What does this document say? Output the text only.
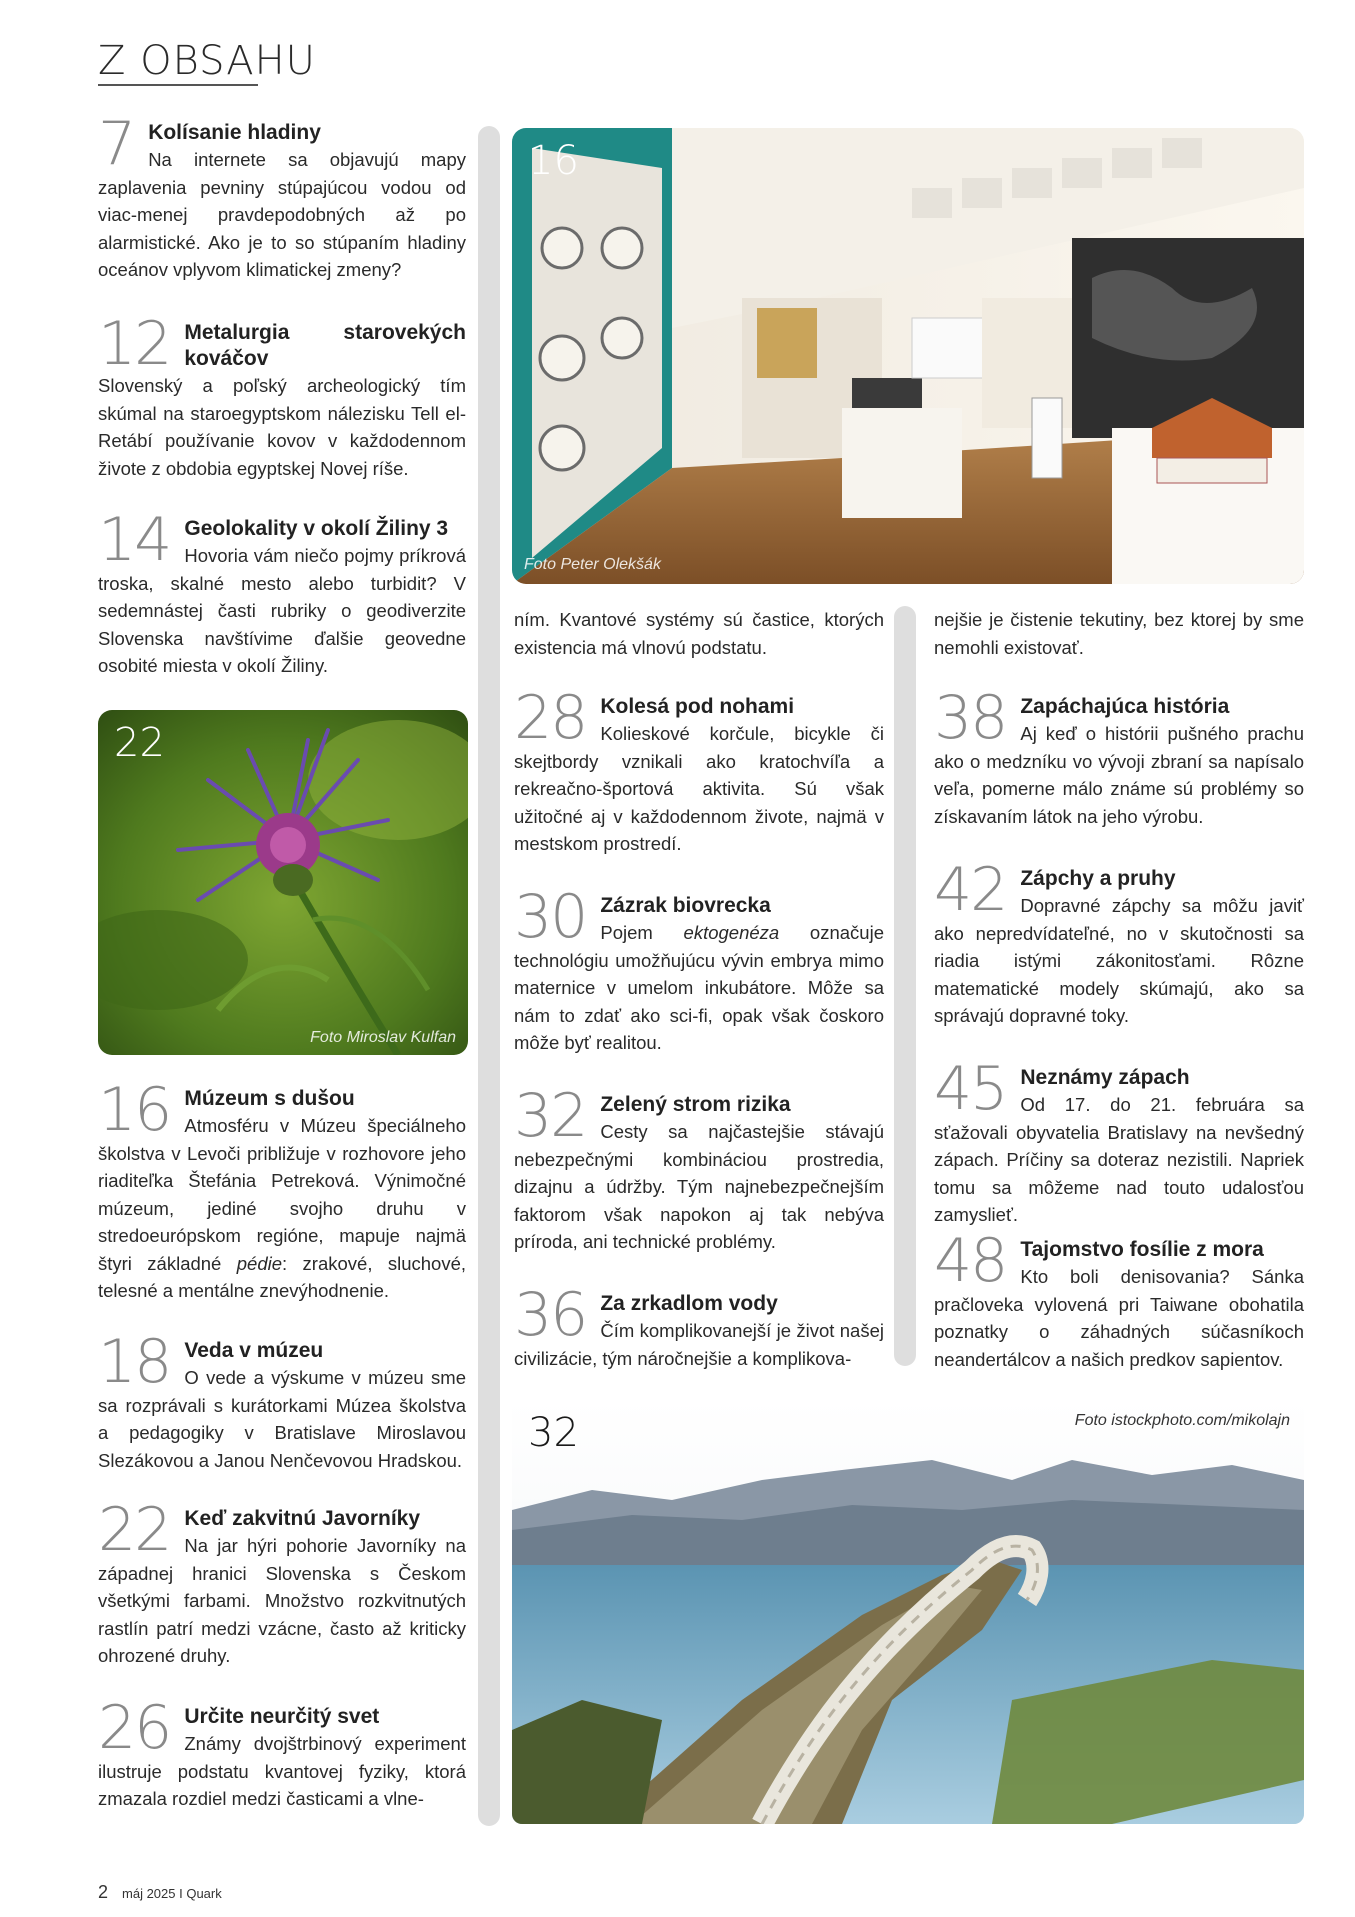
Z OBSAHU
7 Kolísanie hladiny
Na internete sa objavujú mapy zaplavenia pevniny stúpajúcou vodou od viac-menej pravdepodobných až po alarmistické. Ako je to so stúpaním hladiny oceánov vplyvom klimatickej zmeny?
12 Metalurgia starovekých kováčov
Slovenský a poľský archeologický tím skúmal na staroegyptskom nálezisku Tell el-Retábí používanie kovov v každodennom živote z obdobia egyptskej Novej ríše.
14 Geolokality v okolí Žiliny 3
Hovoria vám niečo pojmy príkrová troska, skalné mesto alebo turbidit? V sedemnástej časti rubriky o geodiverzite Slovenska navštívime ďalšie geovedne osobité miesta v okolí Žiliny.
22
Foto Miroslav Kulfan
16 Múzeum s dušou
Atmosféru v Múzeu špeciálneho školstva v Levoči približuje v rozhovore jeho riaditeľka Štefánia Petreková. Výnimočné múzeum, jediné svojho druhu v stredoeurópskom regióne, mapuje najmä štyri základné pédie: zrakové, sluchové, telesné a mentálne znevýhodnenie.
18 Veda v múzeu
O vede a výskume v múzeu sme sa rozprávali s kurátorkami Múzea školstva a pedagogiky v Bratislave Miroslavou Slezákovou a Janou Nenčevovou Hradskou.
22 Keď zakvitnú Javorníky
Na jar hýri pohorie Javorníky na západnej hranici Slovenska s Českom všetkými farbami. Množstvo rozkvitnutých rastlín patrí medzi vzácne, často až kriticky ohrozené druhy.
26 Určite neurčitý svet
Známy dvojštrbinový experiment ilustruje podstatu kvantovej fyziky, ktorá zmazala rozdiel medzi časticami a vlne-
16
Foto Peter Olekšák
ním. Kvantové systémy sú častice, ktorých existencia má vlnovú podstatu.
28 Kolesá pod nohami
Kolieskové korčule, bicykle či skejtbordy vznikali ako kratochvíľa a rekreačno-športová aktivita. Sú však užitočné aj v každodennom živote, najmä v mestskom prostredí.
30 Zázrak biovrecka
Pojem ektogenéza označuje technológiu umožňujúcu vývin embrya mimo maternice v umelom inkubátore. Môže sa nám to zdať ako sci-fi, opak však čoskoro môže byť realitou.
32 Zelený strom rizika
Cesty sa najčastejšie stávajú nebezpečnými kombináciou prostredia, dizajnu a údržby. Tým najnebezpečnejším faktorom však napokon aj tak nebýva príroda, ani technické problémy.
36 Za zrkadlom vody
Čím komplikovanejší je život našej civilizácie, tým náročnejšie a komplikova-
nejšie je čistenie tekutiny, bez ktorej by sme nemohli existovať.
38 Zapáchajúca história
Aj keď o histórii pušného prachu ako o medzníku vo vývoji zbraní sa napísalo veľa, pomerne málo známe sú problémy so získavaním látok na jeho výrobu.
42 Zápchy a pruhy
Dopravné zápchy sa môžu javiť ako nepredvídateľné, no v skutočnosti sa riadia istými zákonitosťami. Rôzne matematické modely skúmajú, ako sa správajú dopravné toky.
45 Neznámy zápach
Od 17. do 21. februára sa sťažovali obyvatelia Bratislavy na nevšedný zápach. Príčiny sa doteraz nezistili. Napriek tomu sa môžeme nad touto udalosťou zamyslieť.
48 Tajomstvo fosílie z mora
Kto boli denisovania? Sánka pračloveka vylovená pri Taiwane obohatila poznatky o záhadných súčasníkoch neandertálcov a našich predkov sapientov.
32	Foto istockphoto.com/mikolajn
2 máj 2025 I Quark
